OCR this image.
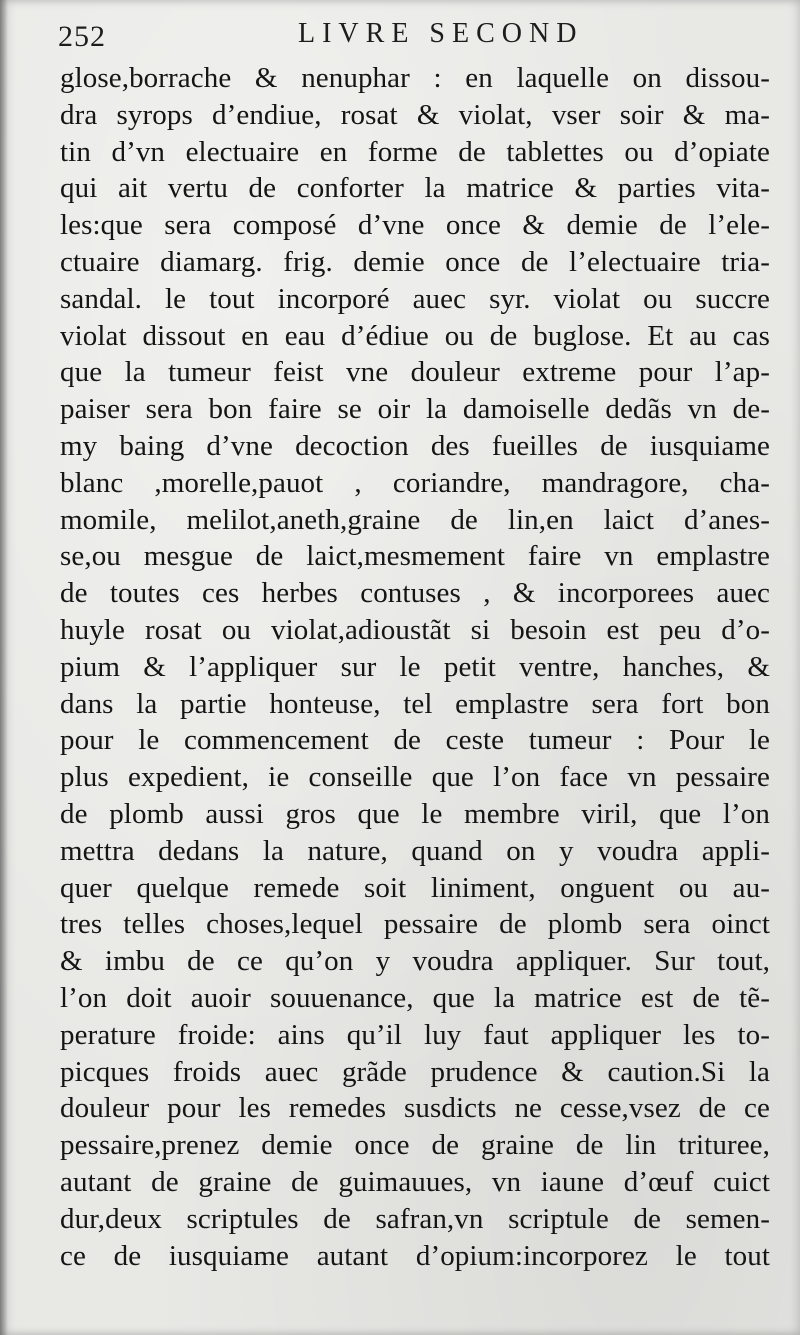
252	LIVRE SECOND
glose,borrache & nenuphar : en laquelle on dissou-
dra syrops d’endiue, rosat & violat, vser soir & ma-
tin d’vn electuaire en forme de tablettes ou d’opiate
qui ait vertu de conforter la matrice & parties vita-
les:que sera composé d’vne once & demie de l’ele-
ctuaire diamarg. frig. demie once de l’electuaire tria-
sandal. le tout incorporé auec syr. violat ou succre
violat dissout en eau d’édiue ou de buglose. Et au cas
que la tumeur feist vne douleur extreme pour l’ap-
paiser sera bon faire se oir la damoiselle dedãs vn de-
my baing d’vne decoction des fueilles de iusquiame
blanc ,morelle,pauot , coriandre, mandragore, cha-
momile, melilot,aneth,graine de lin,en laict d’anes-
se,ou mesgue de laict,mesmement faire vn emplastre
de toutes ces herbes contuses , & incorporees auec
huyle rosat ou violat,adioustãt si besoin est peu d’o-
pium & l’appliquer sur le petit ventre, hanches, &
dans la partie honteuse, tel emplastre sera fort bon
pour le commencement de ceste tumeur : Pour le
plus expedient, ie conseille que l’on face vn pessaire
de plomb aussi gros que le membre viril, que l’on
mettra dedans la nature, quand on y voudra appli-
quer quelque remede soit liniment, onguent ou au-
tres telles choses,lequel pessaire de plomb sera oinct
& imbu de ce qu’on y voudra appliquer. Sur tout,
l’on doit auoir souuenance, que la matrice est de tẽ-
perature froide: ains qu’il luy faut appliquer les to-
picques froids auec grãde prudence & caution.Si la
douleur pour les remedes susdicts ne cesse,vsez de ce
pessaire,prenez demie once de graine de lin trituree,
autant de graine de guimauues, vn iaune d’œuf cuict
dur,deux scriptules de safran,vn scriptule de semen-
ce de iusquiame autant d’opium:incorporez le tout
